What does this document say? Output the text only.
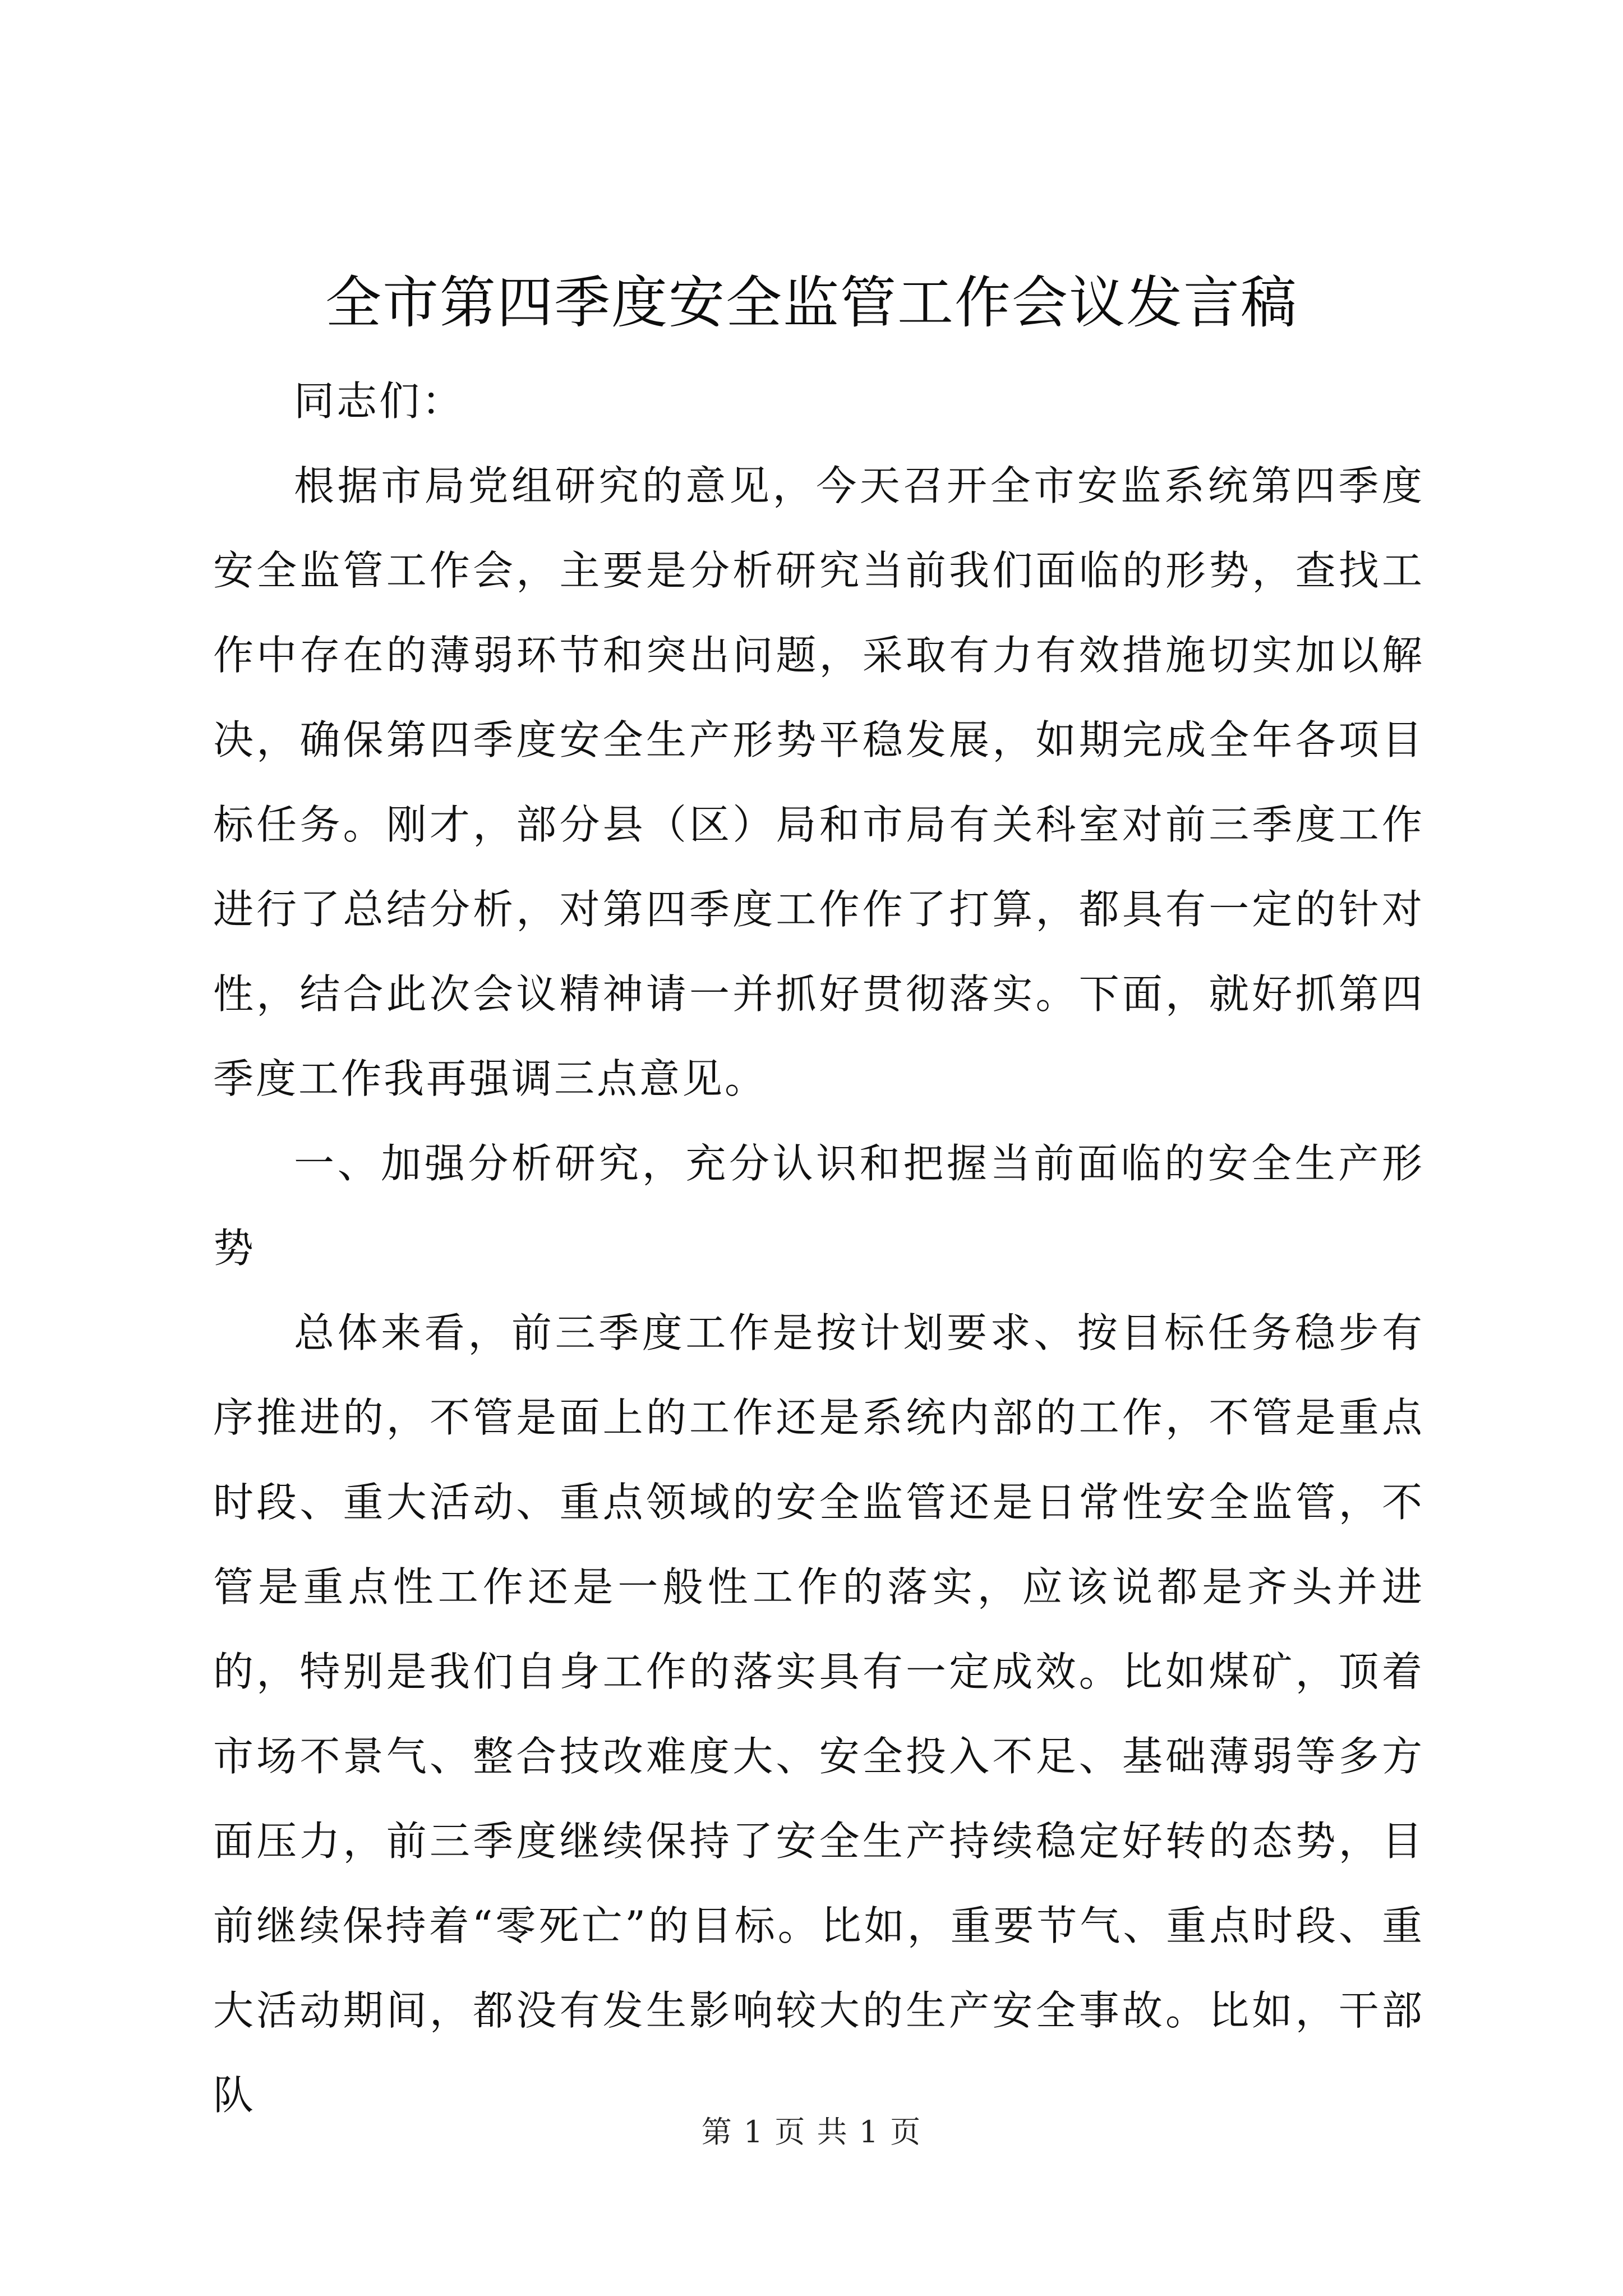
全市第四季度安全监管工作会议发言稿

同志们：

根据市局党组研究的意见，今天召开全市安监系统第四季度安全监管工作会，主要是分析研究当前我们面临的形势，查找工作中存在的薄弱环节和突出问题，采取有力有效措施切实加以解决，确保第四季度安全生产形势平稳发展，如期完成全年各项目标任务。刚才，部分县（区）局和市局有关科室对前三季度工作进行了总结分析，对第四季度工作作了打算，都具有一定的针对性，结合此次会议精神请一并抓好贯彻落实。下面，就好抓第四季度工作我再强调三点意见。

一、加强分析研究，充分认识和把握当前面临的安全生产形势

总体来看，前三季度工作是按计划要求、按目标任务稳步有序推进的，不管是面上的工作还是系统内部的工作，不管是重点时段、重大活动、重点领域的安全监管还是日常性安全监管，不管是重点性工作还是一般性工作的落实，应该说都是齐头并进的，特别是我们自身工作的落实具有一定成效。比如煤矿，顶着市场不景气、整合技改难度大、安全投入不足、基础薄弱等多方面压力，前三季度继续保持了安全生产持续稳定好转的态势，目前继续保持着“零死亡”的目标。比如，重要节气、重点时段、重大活动期间，都没有发生影响较大的生产安全事故。比如，干部队

第 1 页 共 1 页
